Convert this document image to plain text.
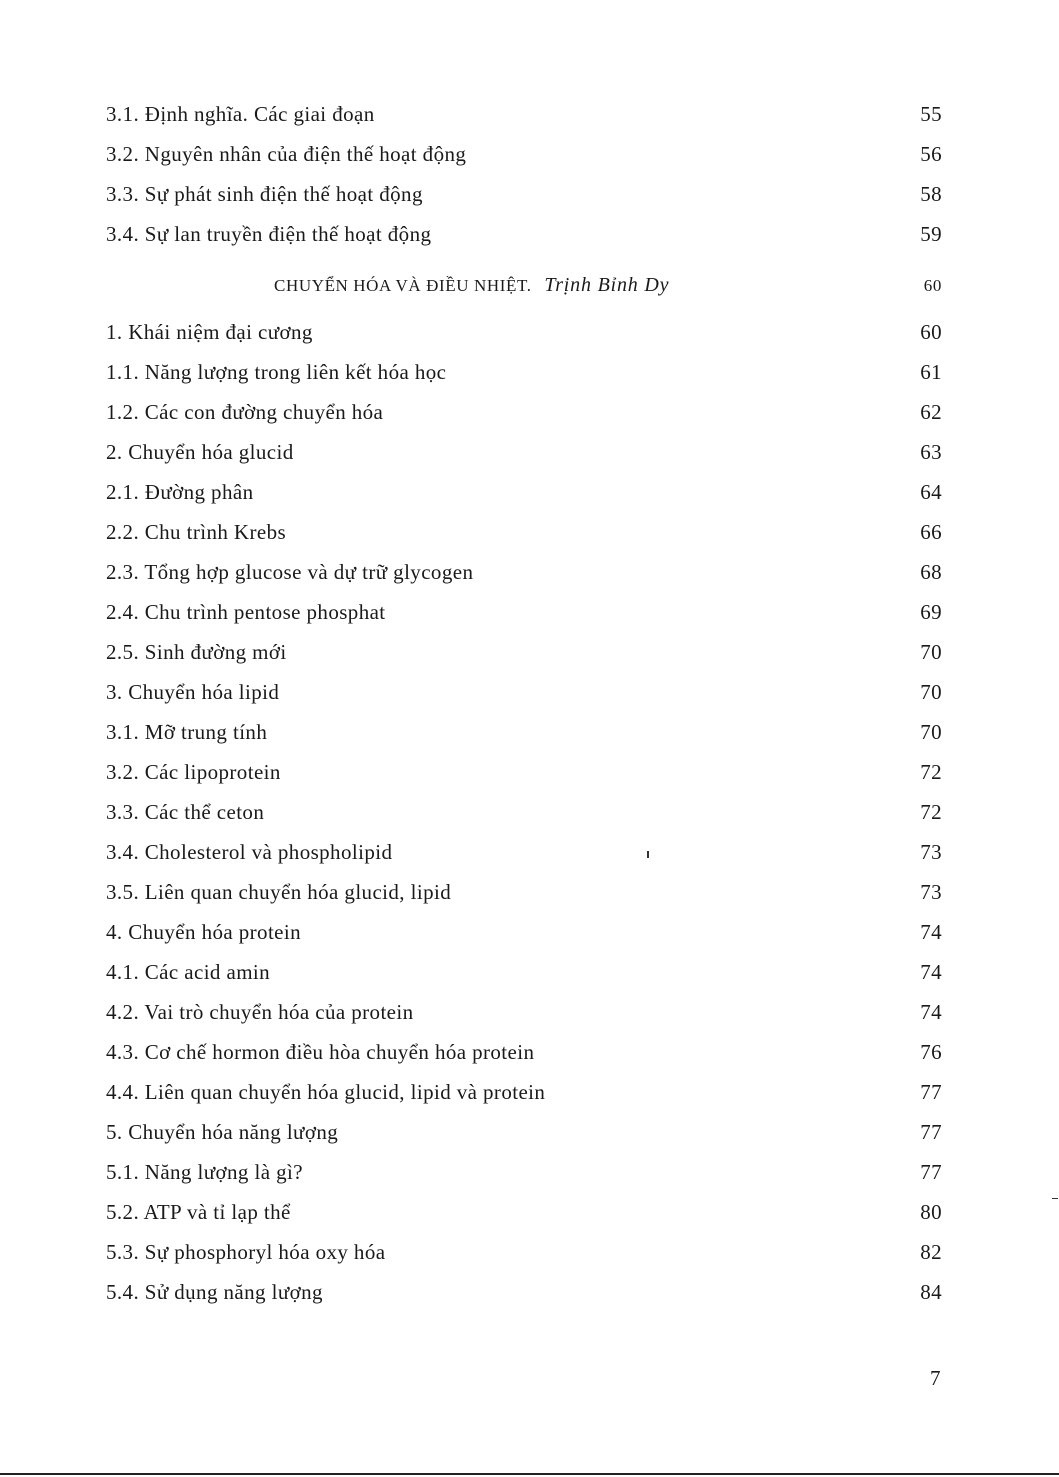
3.1. Định nghĩa. Các giai đoạn	55
3.2. Nguyên nhân của điện thế hoạt động	56
3.3. Sự phát sinh điện thế hoạt động	58
3.4. Sự lan truyền điện thế hoạt động	59
CHUYỂN HÓA VÀ ĐIỀU NHIỆT. Trịnh Bỉnh Dy	60
1. Khái niệm đại cương	60
1.1. Năng lượng trong liên kết hóa học	61
1.2. Các con đường chuyển hóa	62
2. Chuyển hóa glucid	63
2.1. Đường phân	64
2.2. Chu trình Krebs	66
2.3. Tổng hợp glucose và dự trữ glycogen	68
2.4. Chu trình pentose phosphat	69
2.5. Sinh đường mới	70
3. Chuyển hóa lipid	70
3.1. Mỡ trung tính	70
3.2. Các lipoprotein	72
3.3. Các thể ceton	72
3.4. Cholesterol và phospholipid	73
3.5. Liên quan chuyển hóa glucid, lipid	73
4. Chuyển hóa protein	74
4.1. Các acid amin	74
4.2. Vai trò chuyển hóa của protein	74
4.3. Cơ chế hormon điều hòa chuyển hóa protein	76
4.4. Liên quan chuyển hóa glucid, lipid và protein	77
5. Chuyển hóa năng lượng	77
5.1. Năng lượng là gì?	77
5.2. ATP và tỉ lạp thể	80
5.3. Sự phosphoryl hóa oxy hóa	82
5.4. Sử dụng năng lượng	84
7
